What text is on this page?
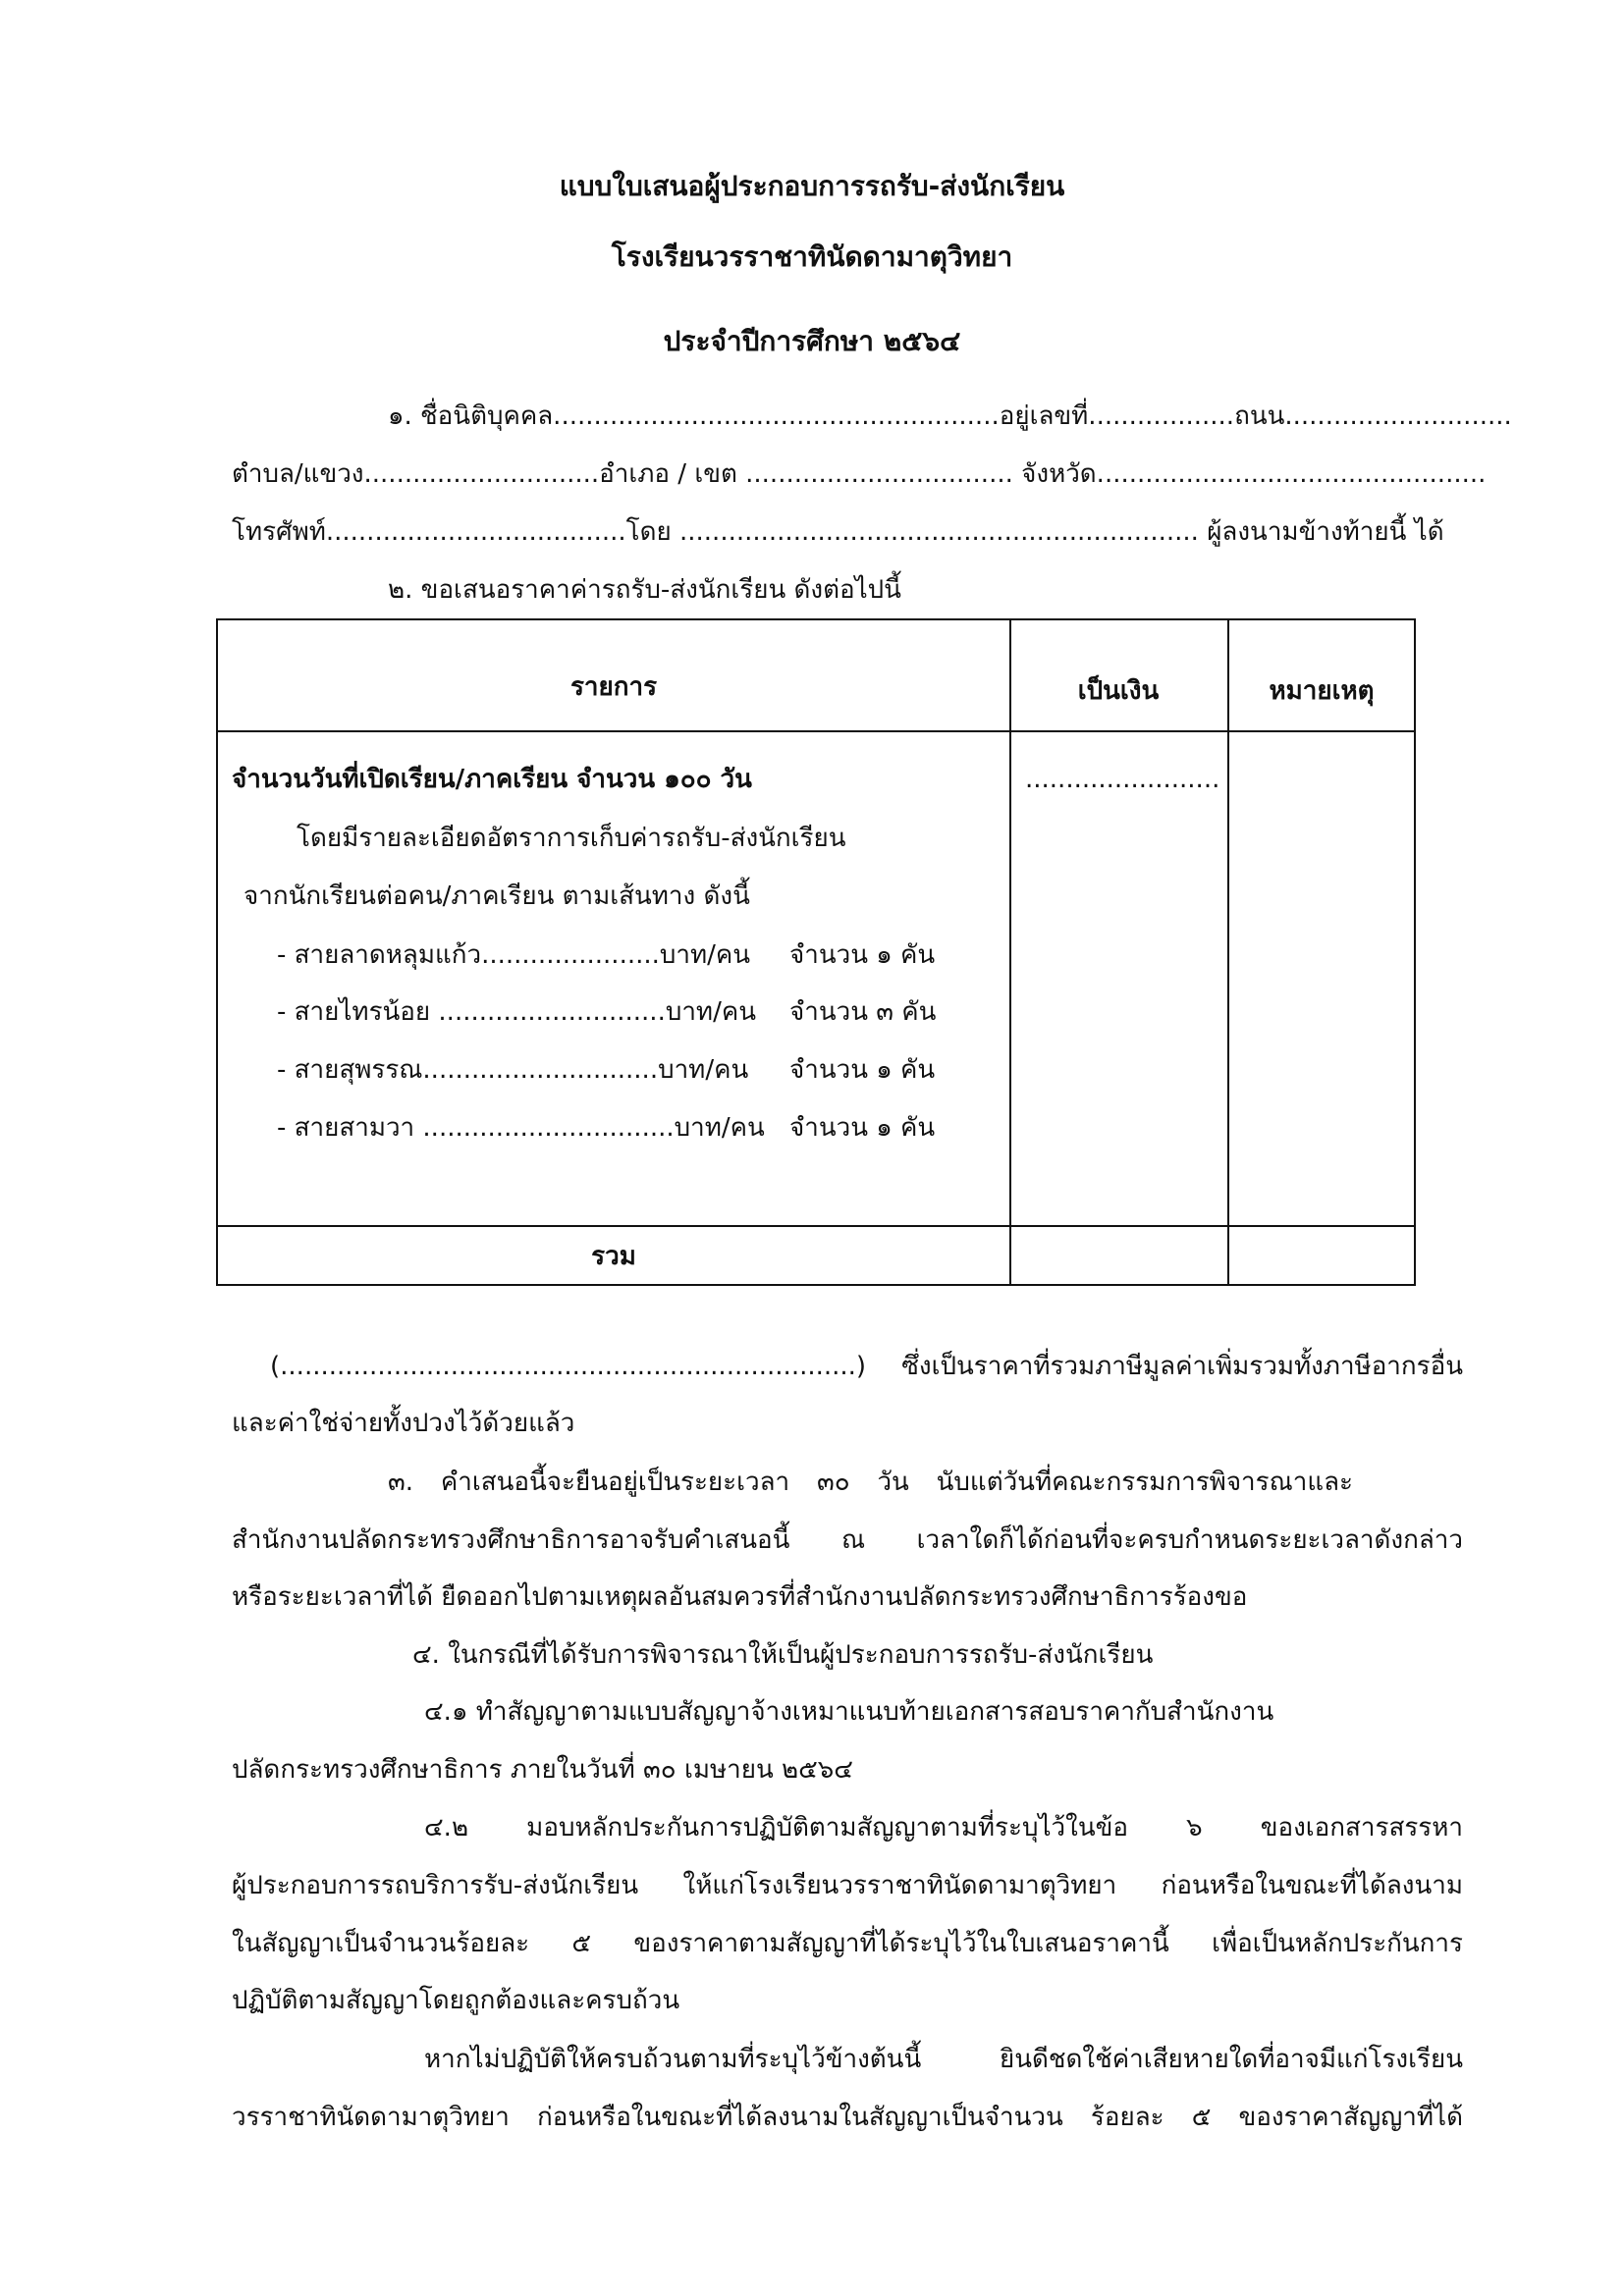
แบบใบเสนอผู้ประกอบการรถรับ-ส่งนักเรียน
โรงเรียนวรราชาทินัดดามาตุวิทยา
ประจำปีการศึกษา ๒๕๖๔
๑. ชื่อนิติบุคคล.......................................................อยู่เลขที่..................ถนน............................
ตำบล/แขวง.............................อำเภอ / เขต ................................. จังหวัด................................................
โทรศัพท์.....................................โดย ................................................................ ผู้ลงนามข้างท้ายนี้ ได้
๒. ขอเสนอราคาค่ารถรับ-ส่งนักเรียน ดังต่อไปนี้
รายการ	เป็นเงิน	หมายเหตุ
จำนวนวันที่เปิดเรียน/ภาคเรียน จำนวน ๑๐๐ วัน	........................
โดยมีรายละเอียดอัตราการเก็บค่ารถรับ-ส่งนักเรียน
จากนักเรียนต่อคน/ภาคเรียน ตามเส้นทาง ดังนี้
- สายลาดหลุมแก้ว......................บาท/คน จำนวน ๑ คัน
- สายไทรน้อย ............................บาท/คน จำนวน ๓ คัน
- สายสุพรรณ.............................บาท/คน จำนวน ๑ คัน
- สายสามวา ...............................บาท/คน จำนวน ๑ คัน
รวม
(.......................................................................)	ซึ่งเป็นราคาที่รวมภาษีมูลค่าเพิ่มรวมทั้งภาษีอากรอื่น
และค่าใช่จ่ายทั้งปวงไว้ด้วยแล้ว
๓. คำเสนอนี้จะยืนอยู่เป็นระยะเวลา ๓๐ วัน นับแต่วันที่คณะกรรมการพิจารณาและ
สำนักงานปลัดกระทรวงศึกษาธิการอาจรับคำเสนอนี้ ณ เวลาใดก็ได้ก่อนที่จะครบกำหนดระยะเวลาดังกล่าว
หรือระยะเวลาที่ได้ ยืดออกไปตามเหตุผลอันสมควรที่สำนักงานปลัดกระทรวงศึกษาธิการร้องขอ
๔. ในกรณีที่ได้รับการพิจารณาให้เป็นผู้ประกอบการรถรับ-ส่งนักเรียน
๔.๑ ทำสัญญาตามแบบสัญญาจ้างเหมาแนบท้ายเอกสารสอบราคากับสำนักงาน
ปลัดกระทรวงศึกษาธิการ ภายในวันที่ ๓๐ เมษายน ๒๕๖๔
๔.๒ มอบหลักประกันการปฏิบัติตามสัญญาตามที่ระบุไว้ในข้อ ๖ ของเอกสารสรรหา
ผู้ประกอบการรถบริการรับ-ส่งนักเรียน ให้แก่โรงเรียนวรราชาทินัดดามาตุวิทยา ก่อนหรือในขณะที่ได้ลงนาม
ในสัญญาเป็นจำนวนร้อยละ ๕ ของราคาตามสัญญาที่ได้ระบุไว้ในใบเสนอราคานี้ เพื่อเป็นหลักประกันการ
ปฏิบัติตามสัญญาโดยถูกต้องและครบถ้วน
หากไม่ปฏิบัติให้ครบถ้วนตามที่ระบุไว้ข้างต้นนี้ ยินดีชดใช้ค่าเสียหายใดที่อาจมีแก่โรงเรียน
วรราชาทินัดดามาตุวิทยา ก่อนหรือในขณะที่ได้ลงนามในสัญญาเป็นจำนวน ร้อยละ ๕ ของราคาสัญญาที่ได้
